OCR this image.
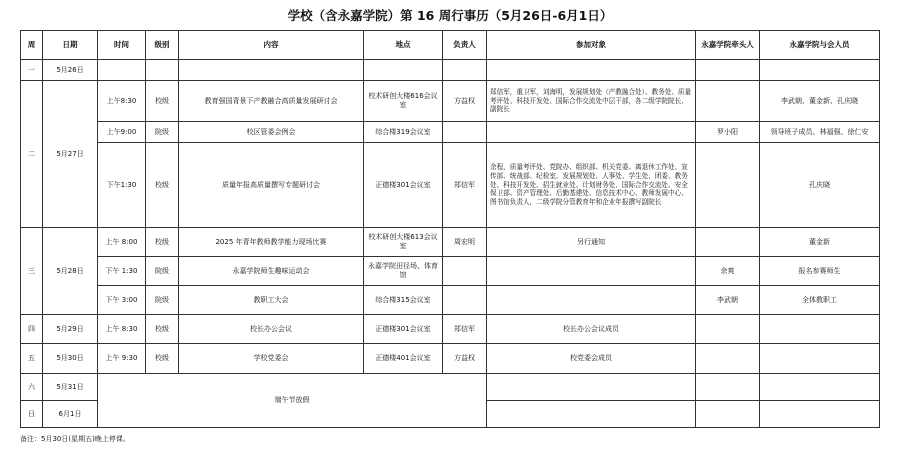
学校（含永嘉学院）第 16 周行事历（5月26日-6月1日）
周	日期	时间	级别	内容	地点	负责人	参加对象	永嘉学院牵头人	永嘉学院与会人员
一	5月26日								
二	5月27日	上午8:30	校级	教育强国背景下产教融合高质量发展研讨会	校术研创大楼616会议室	方益权	郑信军，重卫军，刘海明，发展规划处（产教融合处）、教务处、质量考评处、科技开发处、国际合作交流处中层干部，各二级学院院长、副院长		李武朝、董金新、孔庆晓
		上午9:00	院级	校区管委会例会	综合楼319会议室			罗小阳	领导班子成员、林福强、徐仁安
		下午1:30	校级	质量年报高质量撰写专题研讨会	正德楼301会议室	郑信军	余程，质量考评处、党院办、组织部、机关党委、离退休工作处、宣传部、统战部、纪检室、发展规划处、人事处、学生处、团委、教务处、科技开发处、招生就业处、计划财务处、国际合作交流处、安全保卫部、资产管理处、后勤基建处、信息技术中心、教师发展中心、图书馆负责人，二级学院分管教育年和企业年报撰写副院长		孔庆晓
三	5月28日	上午 8:00	校级	2025 年青年教师教学能力现场比赛	校术研创大楼613会议室	周宏明	另行通知		董金新
		下午 1:30	院级	永嘉学院师生趣味运动会	永嘉学院田径场、体育馆			余爽	报名参赛师生
		下午 3:00	院级	教职工大会	综合楼315会议室			李武朝	全体教职工
四	5月29日	上午 8:30	校级	校长办公会议	正德楼301会议室	郑信军	校长办公会议成员		
五	5月30日	上午 9:30	校级	学校党委会	正德楼401会议室	方益权	校党委会成员		
六	5月31日	端午节放假							
日	6月1日								
备注：5月30日(星期五)晚上停课。
